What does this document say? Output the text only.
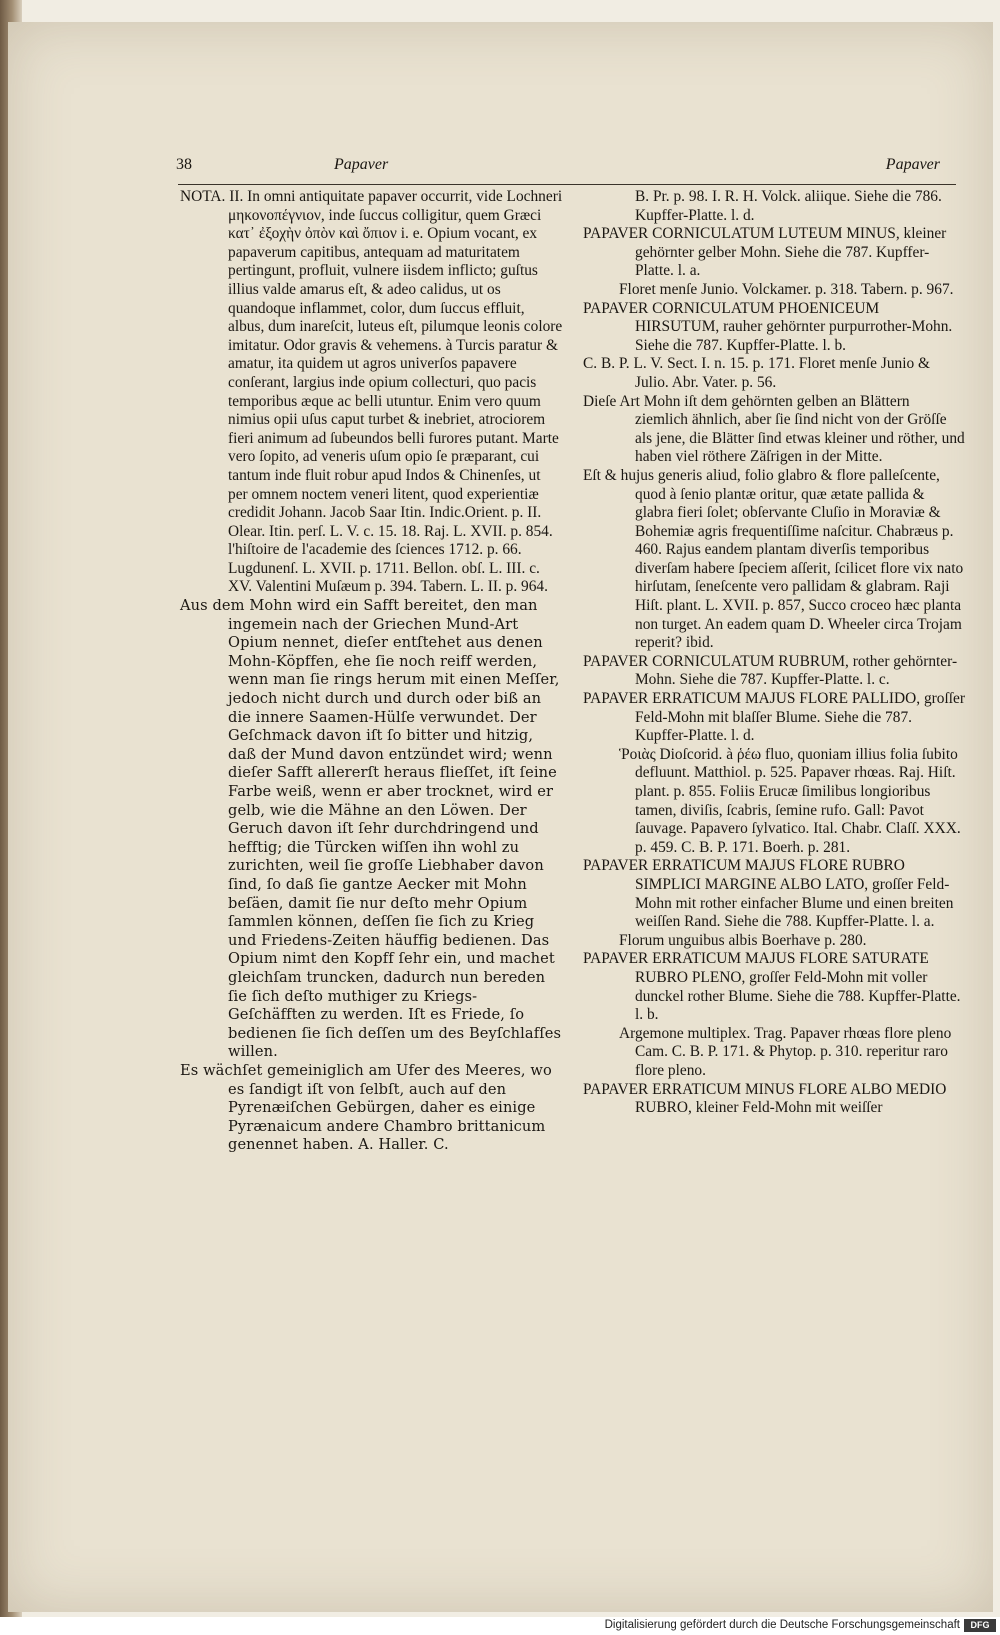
38	Papaver	Papaver

NOTA. II. In omni antiquitate papaver occurrit, vide Lochneri μηκονοπέγνιον, inde ſuccus colligitur, quem Græci κατ᾽ ἐξοχὴν ὀπὸν καὶ ὄπιον i. e. Opium vocant, ex papaverum capitibus, antequam ad maturitatem pertingunt, profluit, vulnere iisdem inflicto; guſtus illius valde amarus eſt, & adeo calidus, ut os quandoque inflammet, color, dum ſuccus effluit, albus, dum inareſcit, luteus eſt, pilumque leonis colore imitatur. Odor gravis & vehemens. à Turcis paratur & amatur, ita quidem ut agros univerſos papavere conſerant, largius inde opium collecturi, quo pacis temporibus æque ac belli utuntur. Enim vero quum nimius opii uſus caput turbet & inebriet, atrociorem fieri animum ad ſubeundos belli furores putant. Marte vero ſopito, ad veneris uſum opio ſe præparant, cui tantum inde fluit robur apud Indos & Chinenſes, ut per omnem noctem veneri litent, quod experientiæ credidit Johann. Jacob Saar Itin. Indic.Orient. p. II. Olear. Itin. perſ. L. V. c. 15. 18. Raj. L. XVII. p. 854. l'hiſtoire de l'academie des ſciences 1712. p. 66. Lugdunenſ. L. XVII. p. 1711. Bellon. obſ. L. III. c. XV. Valentini Muſæum p. 394. Tabern. L. II. p. 964.

Aus dem Mohn wird ein Safft bereitet, den man ingemein nach der Griechen Mund-Art Opium nennet, dieſer entſtehet aus denen Mohn-Köpffen, ehe ſie noch reiff werden, wenn man ſie rings herum mit einen Meſſer, jedoch nicht durch und durch oder biß an die innere Saamen-Hülſe verwundet. Der Geſchmack davon iſt ſo bitter und hitzig, daß der Mund davon entzündet wird; wenn dieſer Safft allererſt heraus flieſſet, iſt ſeine Farbe weiß, wenn er aber trocknet, wird er gelb, wie die Mähne an den Löwen. Der Geruch davon iſt ſehr durchdringend und hefftig; die Türcken wiſſen ihn wohl zu zurichten, weil ſie groſſe Liebhaber davon ſind, ſo daß ſie gantze Aecker mit Mohn beſäen, damit ſie nur deſto mehr Opium ſammlen können, deſſen ſie ſich zu Krieg und Friedens-Zeiten häuffig bedienen. Das Opium nimt den Kopff ſehr ein, und machet gleichſam truncken, dadurch nun bereden ſie ſich deſto muthiger zu Kriegs-Geſchäfften zu werden. Iſt es Friede, ſo bedienen ſie ſich deſſen um des Beyſchlafſes willen.

Es wächſet gemeiniglich am Ufer des Meeres, wo es ſandigt iſt von ſelbſt, auch auf den Pyrenæiſchen Gebürgen, daher es einige Pyrænaicum andere Chambro brittanicum genennet haben. A. Haller. C.

B. Pr. p. 98. I. R. H. Volck. aliique. Siehe die 786. Kupffer-Platte. l. d.

PAPAVER CORNICULATUM LUTEUM MINUS, kleiner gehörnter gelber Mohn. Siehe die 787. Kupffer-Platte. l. a.

Floret menſe Junio. Volckamer. p. 318. Tabern. p. 967.

PAPAVER CORNICULATUM PHOENICEUM HIRSUTUM, rauher gehörnter purpurrother-Mohn. Siehe die 787. Kupffer-Platte. l. b.

C. B. P. L. V. Sect. I. n. 15. p. 171. Floret menſe Junio & Julio. Abr. Vater. p. 56.

Dieſe Art Mohn iſt dem gehörnten gelben an Blättern ziemlich ähnlich, aber ſie ſind nicht von der Gröſſe als jene, die Blätter ſind etwas kleiner und röther, und haben viel röthere Zäſrigen in der Mitte.

Eſt & hujus generis aliud, folio glabro & flore palleſcente, quod à ſenio plantæ oritur, quæ ætate pallida & glabra fieri ſolet; obſervante Cluſio in Moraviæ & Bohemiæ agris frequentiſſime naſcitur. Chabræus p. 460. Rajus eandem plantam diverſis temporibus diverſam habere ſpeciem aſſerit, ſcilicet flore vix nato hirſutam, ſeneſcente vero pallidam & glabram. Raji Hiſt. plant. L. XVII. p. 857, Succo croceo hæc planta non turget. An eadem quam D. Wheeler circa Trojam reperit? ibid.

PAPAVER CORNICULATUM RUBRUM, rother gehörnter-Mohn. Siehe die 787. Kupffer-Platte. l. c.

PAPAVER ERRATICUM MAJUS FLORE PALLIDO, groſſer Feld-Mohn mit blaſſer Blume. Siehe die 787. Kupffer-Platte. l. d.

Ῥοιὰς Dioſcorid. à ῥέω fluo, quoniam illius folia ſubito defluunt. Matthiol. p. 525. Papaver rhœas. Raj. Hiſt. plant. p. 855. Foliis Erucæ ſimilibus longioribus tamen, diviſis, ſcabris, ſemine rufo. Gall: Pavot ſauvage. Papavero ſylvatico. Ital. Chabr. Claſſ. XXX. p. 459. C. B. P. 171. Boerh. p. 281.

PAPAVER ERRATICUM MAJUS FLORE RUBRO SIMPLICI MARGINE ALBO LATO, groſſer Feld-Mohn mit rother einfacher Blume und einen breiten weiſſen Rand. Siehe die 788. Kupffer-Platte. l. a.

Florum unguibus albis Boerhave p. 280.

PAPAVER ERRATICUM MAJUS FLORE SATURATE RUBRO PLENO, groſſer Feld-Mohn mit voller dunckel rother Blume. Siehe die 788. Kupffer-Platte. l. b.

Argemone multiplex. Trag. Papaver rhœas flore pleno Cam. C. B. P. 171. & Phytop. p. 310. reperitur raro flore pleno.

PAPAVER ERRATICUM MINUS FLORE ALBO MEDIO RUBRO, kleiner Feld-Mohn mit weiſſer

Digitalisierung gefördert durch die Deutsche Forschungsgemeinschaft	DFG
